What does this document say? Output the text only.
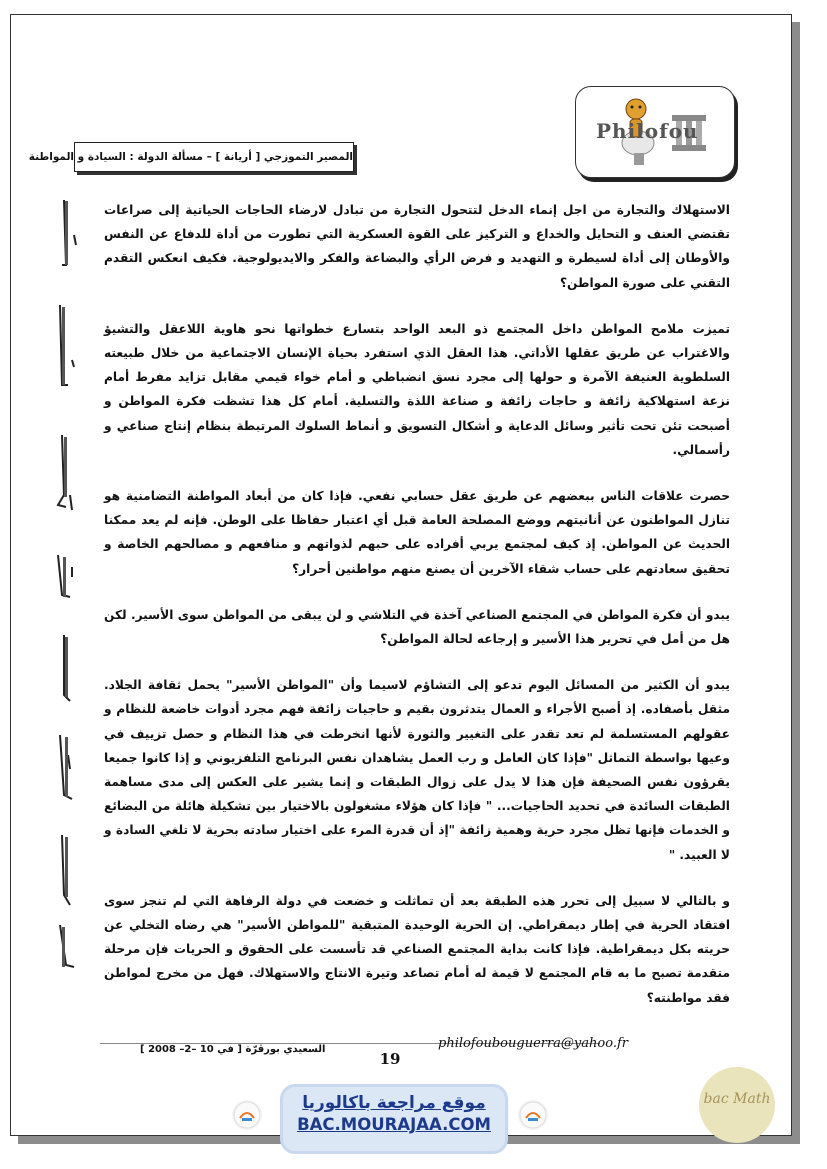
Philofou
المصير التموزجي [ أريانة ] – مسألة الدولة : السيادة و المواطنة

الاستهلاك والتجارة من اجل إنماء الدخل لتتحول التجارة من تبادل لارضاء الحاجات الحياتية إلى صراعات تقتضي العنف و التحايل والخداع و التركيز على القوة العسكرية التي تطورت من أداة للدفاع عن النفس والأوطان إلى أداة لسيطرة و التهديد و فرض الرأي والبضاعة والفكر والايديولوجية. فكيف انعكس التقدم التقني على صورة المواطن؟

تميزت ملامح المواطن داخل المجتمع ذو البعد الواحد بتسارع خطواتها نحو هاوية اللاعقل والتشيؤ والاغتراب عن طريق عقلها الأداتي. هذا العقل الذي استفرد بحياة الإنسان الاجتماعية من خلال طبيعته السلطوية العنيفة الآمرة و حولها إلى مجرد نسق انضباطي و أمام خواء قيمي مقابل تزايد مفرط أمام نزعة استهلاكية زائفة و حاجات زائفة و صناعة اللذة والتسلية. أمام كل هذا تشظت فكرة المواطن و أصبحت تئن تحت تأثير وسائل الدعاية و أشكال التسويق و أنماط السلوك المرتبطة بنظام إنتاج صناعي و رأسمالي.

حصرت علاقات الناس ببعضهم عن طريق عقل حسابي نفعي. فإذا كان من أبعاد المواطنة التضامنية هو تنازل المواطنون عن أنانيتهم ووضع المصلحة العامة قبل أي اعتبار حفاظا على الوطن. فإنه لم يعد ممكنا الحديث عن المواطن. إذ كيف لمجتمع يربي أفراده على حبهم لذواتهم و منافعهم و مصالحهم الخاصة و تحقيق سعادتهم على حساب شقاء الآخرين أن يصنع منهم مواطنين أحرار؟

يبدو أن فكرة المواطن في المجتمع الصناعي آخذة في التلاشي و لن يبقى من المواطن سوى الأسير. لكن هل من أمل في تحرير هذا الأسير و إرجاعه لحالة المواطن؟

يبدو أن الكثير من المسائل اليوم تدعو إلى التشاؤم لاسيما وأن "المواطن الأسير" يحمل ثقافة الجلاد. مثقل بأصفاده. إذ أصبح الأجراء و العمال يتدثرون بقيم و حاجيات زائفة فهم مجرد أدوات خاضعة للنظام و عقولهم المستسلمة لم تعد تقدر على التغيير والثورة لأنها انخرطت في هذا النظام و حصل تزييف في وعيها بواسطة التماثل "فإذا كان العامل و رب العمل يشاهدان نفس البرنامج التلفزيوني و إذا كانوا جميعا يقرؤون نفس الصحيفة فإن هذا لا يدل على زوال الطبقات و إنما يشير على العكس إلى مدى مساهمة الطبقات السائدة في تحديد الحاجيات... " فإذا كان هؤلاء مشغولون بالاختيار بين تشكيلة هائلة من البضائع و الخدمات فإنها تظل مجرد حرية وهمية زائفة "إذ أن قدرة المرء على اختيار سادته بحرية لا تلغي السادة و لا العبيد. "

و بالتالي لا سبيل إلى تحرر هذه الطبقة بعد أن تماثلت و خضعت في دولة الرفاهة التي لم تنجز سوى افتقاد الحرية في إطار ديمقراطي. إن الحرية الوحيدة المتبقية "للمواطن الأسير" هي رضاه التخلي عن حريته بكل ديمقراطية. فإذا كانت بداية المجتمع الصناعي قد تأسست على الحقوق و الحريات فإن مرحلة متقدمة تصبح ما به قام المجتمع لا قيمة له أمام تصاعد وتيرة الانتاج والاستهلاك. فهل من مخرج لمواطن فقد مواطنته؟

السعيدي بورڤرّة [ في 10 –2– 2008 ]
19
philofoubouguerra@yahoo.fr
موقع مراجعة باكالوريا
BAC.MOURAJAA.COM
bac Math
